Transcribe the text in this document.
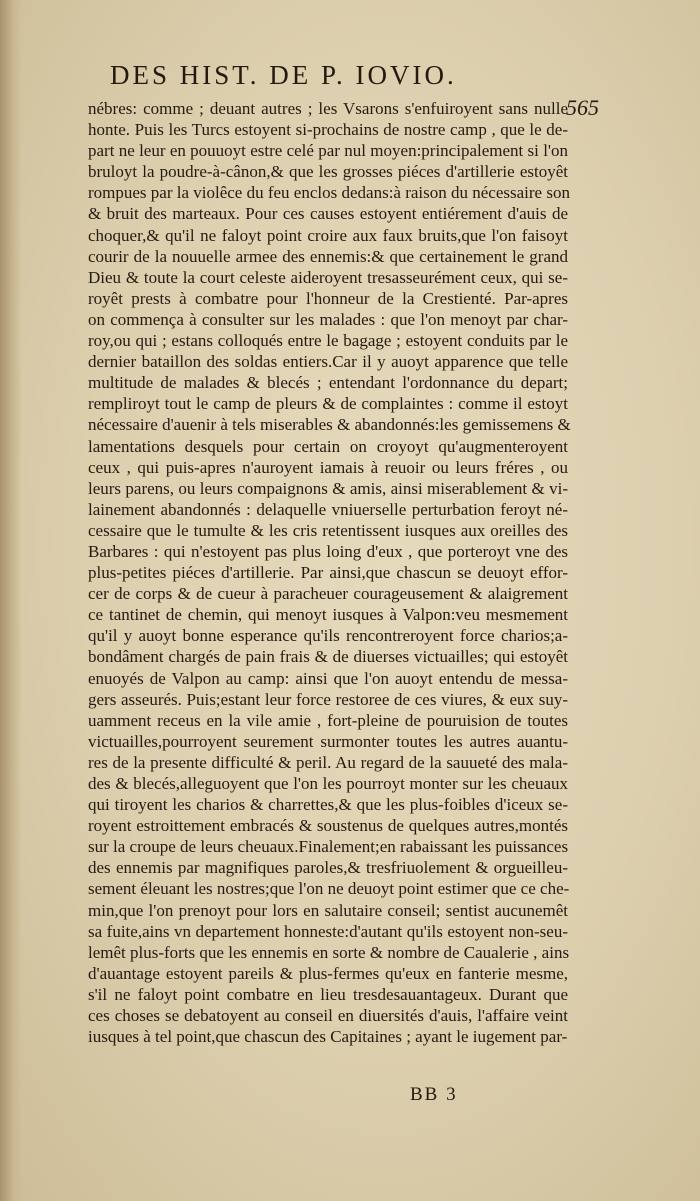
DES HIST. DE P. IOVIO.
565
nébres: comme ; deuant autres ; les Vsarons s'enfuiroyent sans nulle
honte. Puis les Turcs estoyent si-prochains de nostre camp , que le de-
part ne leur en pouuoyt estre celé par nul moyen:principalement si l'on
bruloyt la poudre-à-cânon,& que les grosses piéces d'artillerie estoyêt
rompues par la violêce du feu enclos dedans:à raison du nécessaire son
& bruit des marteaux. Pour ces causes estoyent entiérement d'auis de
choquer,& qu'il ne faloyt point croire aux faux bruits,que l'on faisoyt
courir de la nouuelle armee des ennemis:& que certainement le grand
Dieu & toute la court celeste aideroyent tresasseurément ceux, qui se-
royêt prests à combatre pour l'honneur de la Crestienté. Par-apres
on commença à consulter sur les malades : que l'on menoyt par char-
roy,ou qui ; estans colloqués entre le bagage ; estoyent conduits par le
dernier bataillon des soldas entiers.Car il y auoyt apparence que telle
multitude de malades & blecés ; entendant l'ordonnance du depart;
rempliroyt tout le camp de pleurs & de complaintes : comme il estoyt
nécessaire d'auenir à tels miserables & abandonnés:les gemissemens &
lamentations desquels pour certain on croyoyt qu'augmenteroyent
ceux , qui puis-apres n'auroyent iamais à reuoir ou leurs fréres , ou
leurs parens, ou leurs compaignons & amis, ainsi miserablement & vi-
lainement abandonnés : delaquelle vniuerselle perturbation feroyt né-
cessaire que le tumulte & les cris retentissent iusques aux oreilles des
Barbares : qui n'estoyent pas plus loing d'eux , que porteroyt vne des
plus-petites piéces d'artillerie. Par ainsi,que chascun se deuoyt effor-
cer de corps & de cueur à paracheuer courageusement & alaigrement
ce tantinet de chemin, qui menoyt iusques à Valpon:veu mesmement
qu'il y auoyt bonne esperance qu'ils rencontreroyent force charios;a-
bondâment chargés de pain frais & de diuerses victuailles; qui estoyêt
enuoyés de Valpon au camp: ainsi que l'on auoyt entendu de messa-
gers asseurés. Puis;estant leur force restoree de ces viures, & eux suy-
uamment receus en la vile amie , fort-pleine de pouruision de toutes
victuailles,pourroyent seurement surmonter toutes les autres auantu-
res de la presente difficulté & peril. Au regard de la sauueté des mala-
des & blecés,alleguoyent que l'on les pourroyt monter sur les cheuaux
qui tiroyent les charios & charrettes,& que les plus-foibles d'iceux se-
royent estroittement embracés & soustenus de quelques autres,montés
sur la croupe de leurs cheuaux.Finalement;en rabaissant les puissances
des ennemis par magnifiques paroles,& tresfriuolement & orgueilleu-
sement éleuant les nostres;que l'on ne deuoyt point estimer que ce che-
min,que l'on prenoyt pour lors en salutaire conseil; sentist aucunemêt
sa fuite,ains vn departement honneste:d'autant qu'ils estoyent non-seu-
lemêt plus-forts que les ennemis en sorte & nombre de Caualerie , ains
d'auantage estoyent pareils & plus-fermes qu'eux en fanterie mesme,
s'il ne faloyt point combatre en lieu tresdesauantageux. Durant que
ces choses se debatoyent au conseil en diuersités d'auis, l'affaire veint
iusques à tel point,que chascun des Capitaines ; ayant le iugement par-
BB 3
